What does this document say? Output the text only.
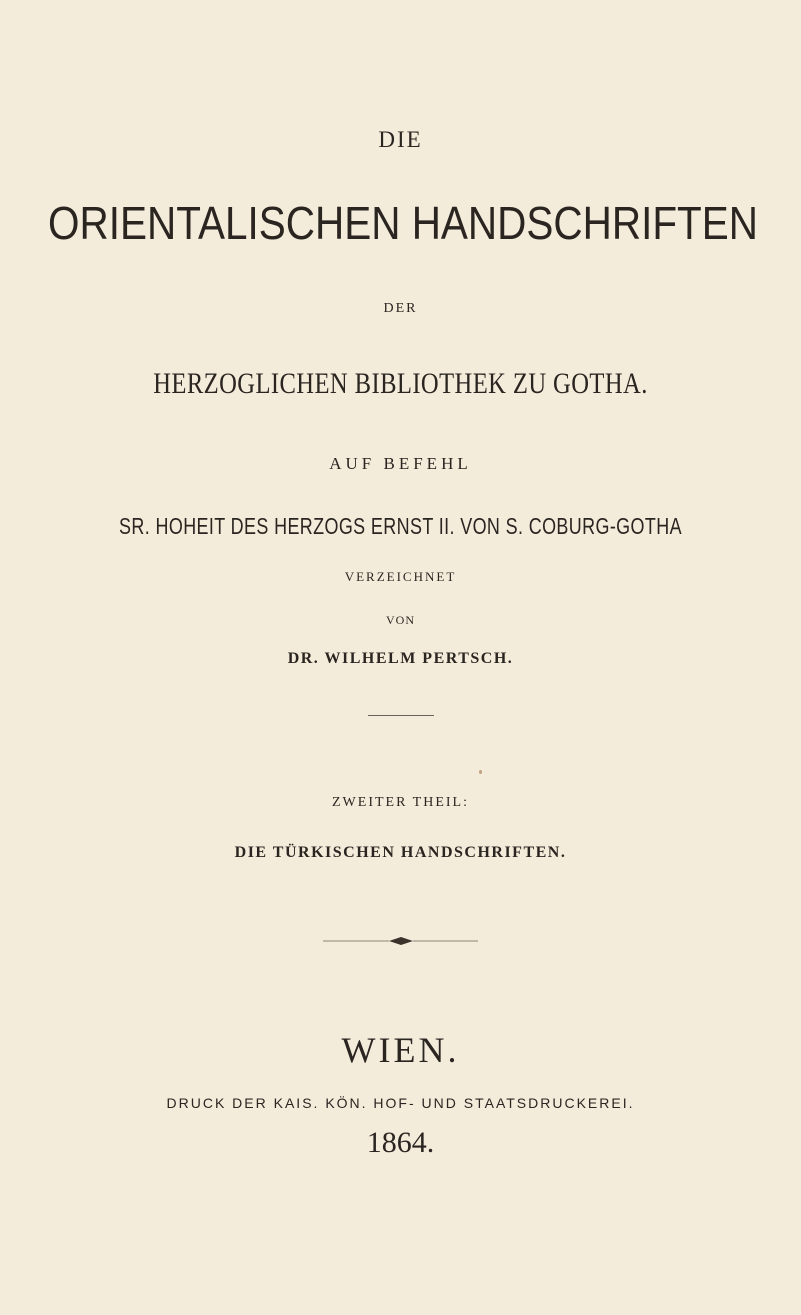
DIE
ORIENTALISCHEN HANDSCHRIFTEN
DER
HERZOGLICHEN BIBLIOTHEK ZU GOTHA.
AUF BEFEHL
SR. HOHEIT DES HERZOGS ERNST II. VON S. COBURG-GOTHA
VERZEICHNET
VON
DR. WILHELM PERTSCH.
ZWEITER THEIL:
DIE TÜRKISCHEN HANDSCHRIFTEN.
WIEN.
DRUCK DER KAIS. KÖN. HOF- UND STAATSDRUCKEREI.
1864.
